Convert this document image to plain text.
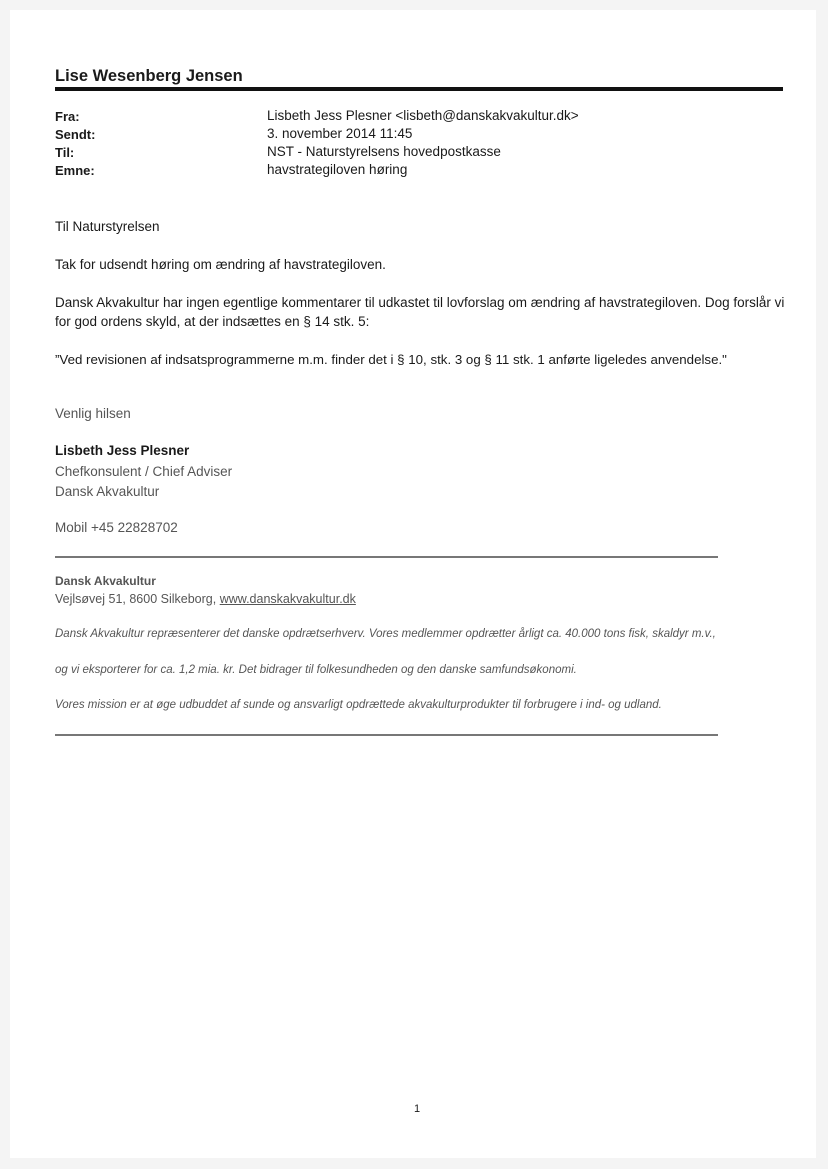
Lise Wesenberg Jensen
Fra:	Lisbeth Jess Plesner <lisbeth@danskakvakultur.dk>
Sendt:	3. november 2014 11:45
Til:	NST - Naturstyrelsens hovedpostkasse
Emne:	havstrategiloven høring
Til Naturstyrelsen
Tak for udsendt høring om ændring af havstrategiloven.
Dansk Akvakultur har ingen egentlige kommentarer til udkastet til lovforslag om ændring af havstrategiloven. Dog forslår vi for god ordens skyld, at der indsættes en § 14 stk. 5:
”Ved revisionen af indsatsprogrammerne m.m. finder det i § 10, stk. 3 og § 11 stk. 1 anførte ligeledes anvendelse."
Venlig hilsen
Lisbeth Jess Plesner
Chefkonsulent / Chief Adviser
Dansk Akvakultur
Mobil +45 22828702
Dansk Akvakultur
Vejlsøvej 51, 8600 Silkeborg, www.danskakvakultur.dk
Dansk Akvakultur repræsenterer det danske opdrætserhverv. Vores medlemmer opdrætter årligt ca. 40.000 tons fisk, skaldyr m.v.,
og vi eksporterer for ca. 1,2 mia. kr. Det bidrager til folkesundheden og den danske samfundsøkonomi.
Vores mission er at øge udbuddet af sunde og ansvarligt opdrættede akvakulturprodukter til forbrugere i ind- og udland.
1
